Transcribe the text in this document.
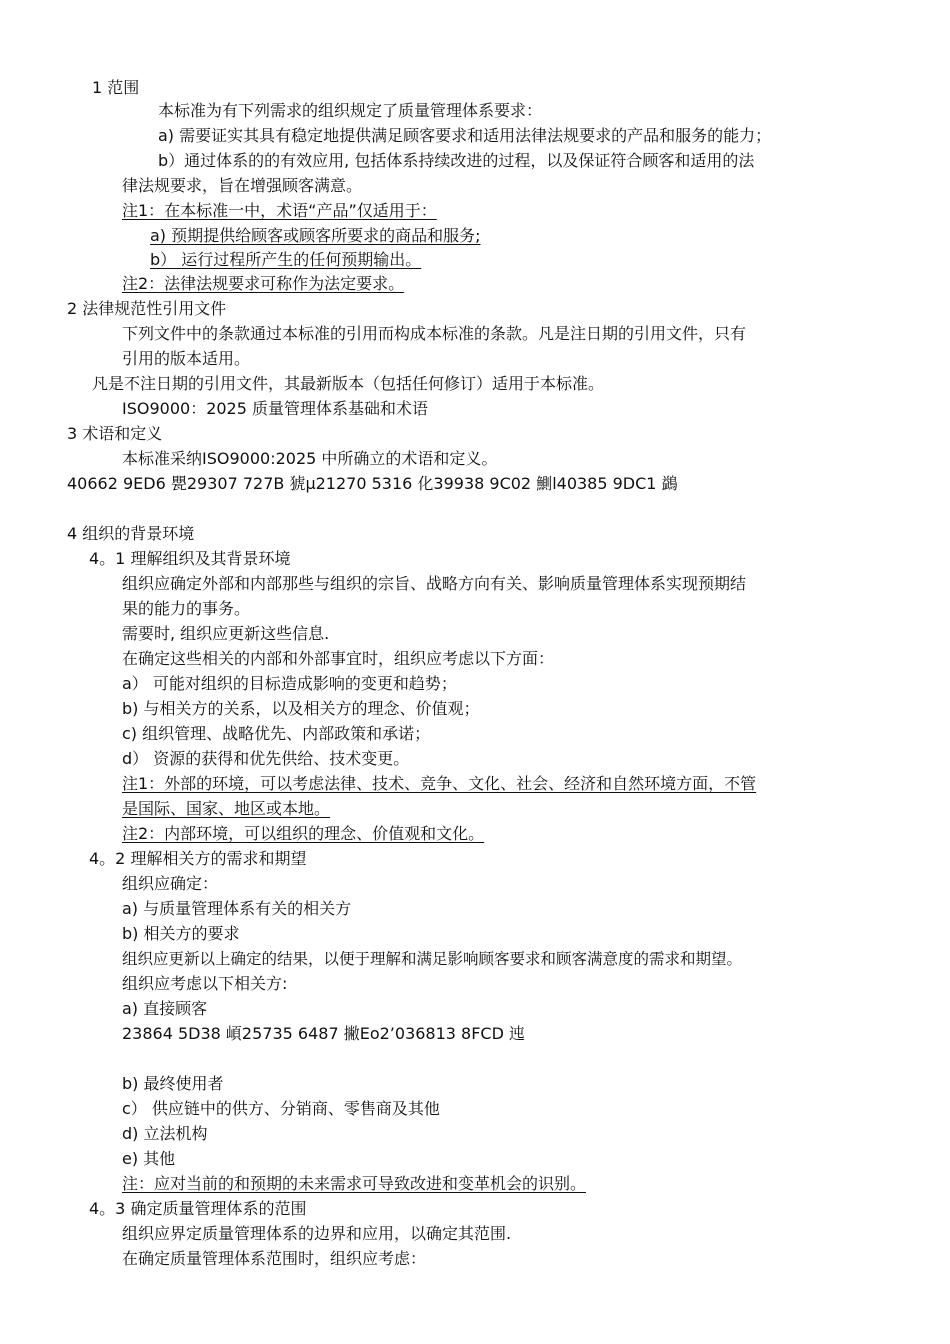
1 范围
本标准为有下列需求的组织规定了质量管理体系要求：
a) 需要证实其具有稳定地提供满足顾客要求和适用法律法规要求的产品和服务的能力；
b）通过体系的的有效应用, 包括体系持续改进的过程，以及保证符合顾客和适用的法
律法规要求，旨在增强顾客满意。
注1：在本标准一中，术语“产品”仅适用于：
a) 预期提供给顾客或顾客所要求的商品和服务;
b） 运行过程所产生的任何预期输出。
注2：法律法规要求可称作为法定要求。
2 法律规范性引用文件
下列文件中的条款通过本标准的引用而构成本标准的条款。凡是注日期的引用文件，只有
引用的版本适用。
凡是不注日期的引用文件，其最新版本（包括任何修订）适用于本标准。
ISO9000：2025 质量管理体系基础和术语
3 术语和定义
本标准采纳ISO9000:2025 中所确立的术语和定义。
40662 9ED6 甖29307 727B 猇µ21270 5316 化39938 9C02 鰂l40385 9DC1 鷁
4 组织的背景环境
4。1 理解组织及其背景环境
组织应确定外部和内部那些与组织的宗旨、战略方向有关、影响质量管理体系实现预期结
果的能力的事务。
需要时, 组织应更新这些信息.
在确定这些相关的内部和外部事宜时，组织应考虑以下方面：
a） 可能对组织的目标造成影响的变更和趋势；
b) 与相关方的关系，以及相关方的理念、价值观；
c) 组织管理、战略优先、内部政策和承诺；
d） 资源的获得和优先供给、技术变更。
注1：外部的环境，可以考虑法律、技术、竞争、文化、社会、经济和自然环境方面，不管
是国际、国家、地区或本地。
注2：内部环境，可以组织的理念、价值观和文化。
4。2 理解相关方的需求和期望
组织应确定：
a) 与质量管理体系有关的相关方
b) 相关方的要求
组织应更新以上确定的结果，以便于理解和满足影响顾客要求和顾客满意度的需求和期望。
组织应考虑以下相关方:
a) 直接顾客
23864 5D38 崸25735 6487 撇Eo2’036813 8FCD 迍
b) 最终使用者
c） 供应链中的供方、分销商、零售商及其他
d) 立法机构
e) 其他
注：应对当前的和预期的未来需求可导致改进和变革机会的识别。
4。3 确定质量管理体系的范围
组织应界定质量管理体系的边界和应用，以确定其范围.
在确定质量管理体系范围时，组织应考虑：
